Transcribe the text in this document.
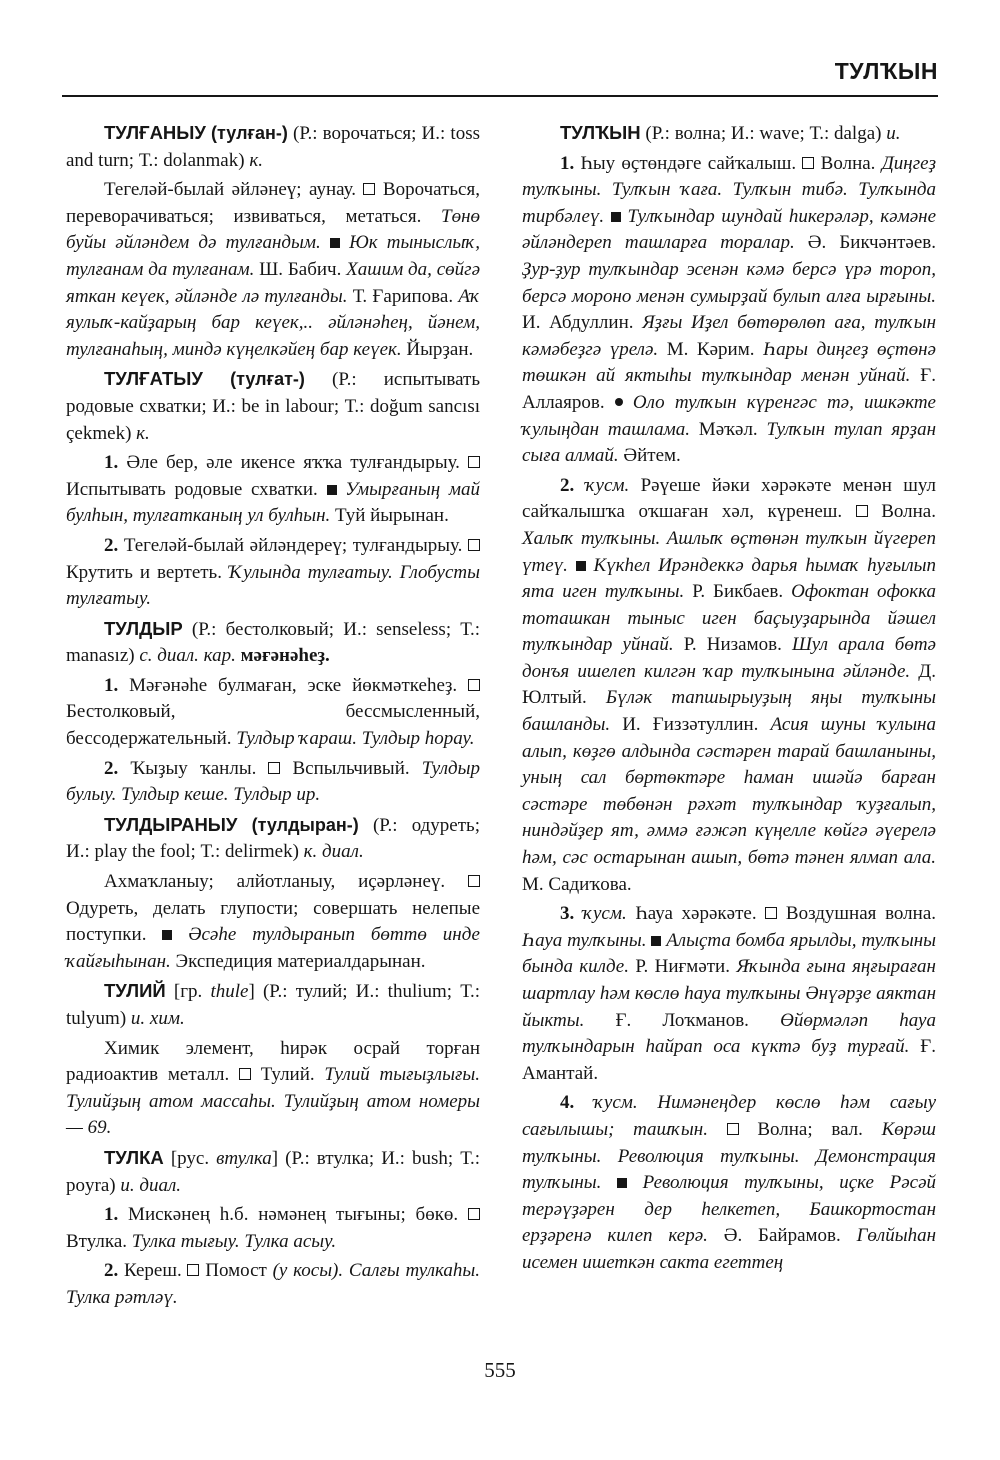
ТУЛҠЫН

ТУЛҒАНЫУ (тулған-) (Р.: ворочаться; И.: toss and turn; Т.: dolanmak) к.

Тегеләй-былай әйләнеү; аунау.  Ворочаться, переворачиваться; извиваться, метаться. Төнө буйы әйләндем дә тулғандым.  Юк тыныслыҡ, тулғанам да тулғанам. Ш. Бабич. Хашим да, сөйгә яткан кеүек, әйләнде лә тулғанды. Т. Ғарипова. Аҡ яулыҡ-кайҙарың бар кеүек,.. әйләнәһең, йәнем, тулғанаһың, миндә күңелкәйең бар кеүек. Йырҙан.

ТУЛҒАТЫУ (тулғат-) (Р.: испытывать родовые схватки; И.: be in labour; Т.: doğum sancısı çekmek) к.

1. Әле бер, әле икенсе яҡҡа тулғандырыу.  Испытывать родовые схватки.  Умырғаның май булһын, тулғатканың ул булһын. Туй йырынан.

2. Тегеләй-былай әйләндереү; тулғандырыу.  Крутить и вертеть. Ҡулында тулғатыу. Глобусты тулғатыу.

ТУЛДЫР (Р.: бестолковый; И.: senseless; Т.: manasız) с. диал. кар. мәғәнәһеҙ.

1. Мәғәнәһе булмаған, эске йөкмәткеһеҙ.  Бестолковый, бессмысленный, бессодержательный. Тулдыр ҡараш. Тулдыр һорау.

2. Ҡыҙыу ҡанлы.  Вспыльчивый. Тулдыр булыу. Тулдыр кеше. Тулдыр ир.

ТУЛДЫРАНЫУ (тулдыран-) (Р.: одуреть; И.: play the fool; Т.: delirmek) к. диал.

Ахмаҡланыу; алйотланыу, иҫәрләнеү.  Одуреть, делать глупости; совершать нелепые поступки.  Әсәһе тулдыранып бөттө инде ҡайғыһынан. Экспедиция материалдарынан.

ТУЛИЙ [гр. thule] (Р.: тулий; И.: thulium; Т.: tulyum) и. хим.

Химик элемент, һирәк осрай торған радиоактив металл.  Тулий. Тулий тығыҙлығы. Тулийҙың атом массаһы. Тулийҙың атом номеры — 69.

ТУЛКА [рус. втулка] (Р.: втулка; И.: bush; Т.: poyra) и. диал.

1. Мискәнең һ.б. нәмәнең тығыны; бөкө.  Втулка. Тулка тығыу. Тулка асыу.

2. Кереш.  Помост (у косы). Салғы тулкаһы. Тулка рәтләү.

ТУЛҠЫН (Р.: волна; И.: wave; Т.: dalga) и.

1. Һыу өҫтөндәге сайҡалыш.  Волна. Диңгеҙ тулҡыны. Тулҡын ҡаға. Тулҡын тибә. Тулҡында тирбәлеү.  Тулҡындар шундай һикерәләр, кәмәне әйләндереп ташларға торалар. Ә. Бикчәнтәев. Ҙур-ҙур тулҡындар эсенән кәмә берсә үрә тороп, берсә мороно менән сумырҙай булып алға ырғыны. И. Абдуллин. Яҙғы Иҙел бөтөрөлөп аға, тулҡын кәмәбеҙгә үрелә. М. Кәрим. Һары диңгеҙ өҫтөнә төшкән ай яктыһы тулҡындар менән уйнай. Ғ. Аллаяров.  Оло тулҡын күренгәс тә, ишкәкте ҡулыңдан ташлама. Мәҡәл. Тулҡын тулап ярҙан сыға алмай. Әйтем.

2. ҡусм. Рәүеше йәки хәрәкәте менән шул сайҡалышҡа оҡшаған хәл, күренеш.  Волна. Халыҡ тулҡыны. Ашлыҡ өҫтөнән тулҡын йүгереп үтеү.  Күкһел Ирәндеккә дарья һымаҡ һуғылып ята иген тулҡыны. Р. Бикбаев. Офоктан офокка тоташкан тыныс иген баҫыуҙарында йәшел тулҡындар уйнай. Р. Низамов. Шул арала бөтә донъя ишелеп килгән ҡар тулҡынына әйләнде. Д. Юлтый. Бүләк тапшырыуҙың яңы тулҡыны башланды. И. Ғиззәтуллин. Асия шуны ҡулына алып, көҙгө алдында сәстәрен тарай башланыны, уның сал бөртөктәре һаман ишәйә барған сәстәре төбөнән рәхәт тулҡындар ҡуҙғалып, ниндәйҙер ят, әммә ғәжәп күңелле көйгә әүерелә һәм, сәс остарынан ашып, бөтә тәнен ялмап ала. М. Садиҡова.

3. ҡусм. Һауа хәрәкәте.  Воздушная волна. Һауа тулҡыны.  Алыҫта бомба ярылды, тулҡыны бында килде. Р. Ниғмәти. Яҡында ғына яңғыраған шартлау һәм көслө һауа тулҡыны Әнүәрҙе аяктан йыкты. Ғ. Лоҡманов. Өйөрмәләп һауа тулҡындарын һайрап оса күктә буҙ турғай. Ғ. Амантай.

4. ҡусм. Нимәнеңдер көслө һәм сағыу сағылышы; ташҡын.  Волна; вал. Көрәш тулҡыны. Революция тулҡыны. Демонстрация тулҡыны.  Революция тулҡыны, иҫке Рәсәй терәүҙәрен дер һелкетеп, Башкортостан ерҙәренә килеп керә. Ә. Байрамов. Гөлйыһан исемен ишеткән сакта егеттең

555
